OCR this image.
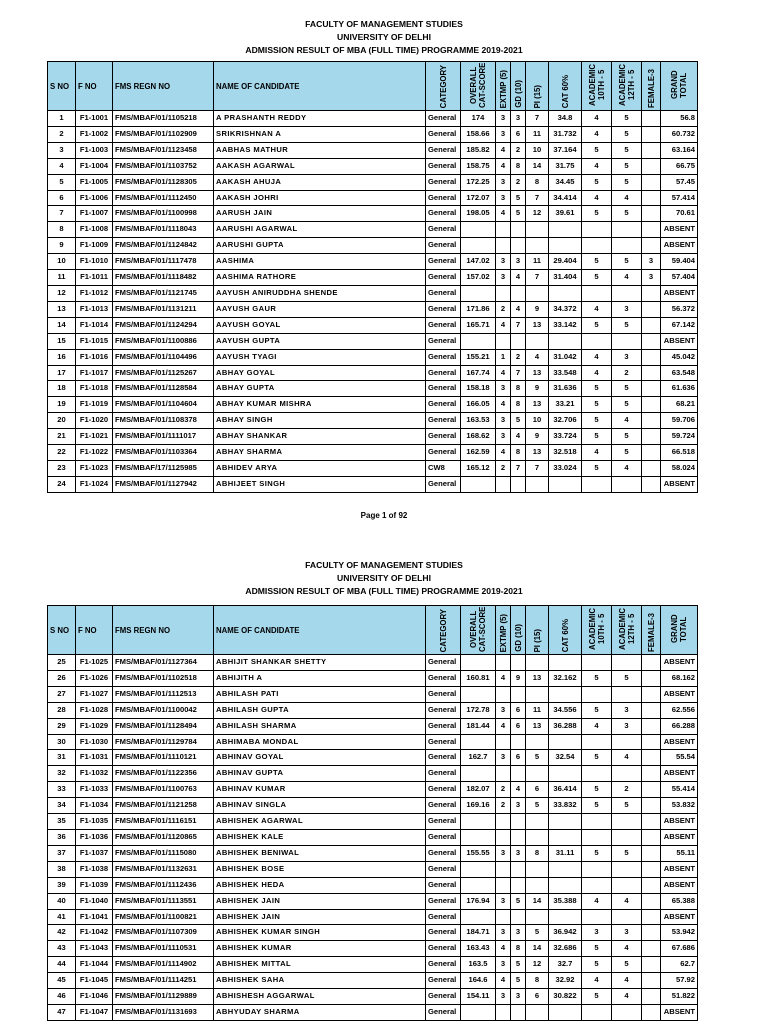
FACULTY OF MANAGEMENT STUDIES
UNIVERSITY OF DELHI
ADMISSION RESULT OF MBA (FULL TIME) PROGRAMME 2019-2021
S NO	F NO	FMS REGN NO	NAME OF CANDIDATE	CATEGORY	OVERALL CAT-SCORE	EXTMP (5)	GD (10)	PI (15)	CAT 60%	ACADEMIC 10TH - 5	ACADEMIC 12TH - 5	FEMALE-3	GRAND TOTAL

1	F1-1001	FMS/MBAF/01/1105218	A PRASHANTH REDDY	General	174	3	3	7	34.8	4	5		56.8
2	F1-1002	FMS/MBAF/01/1102909	SRIKRISHNAN A	General	158.66	3	6	11	31.732	4	5		60.732
3	F1-1003	FMS/MBAF/01/1123458	AABHAS MATHUR	General	185.82	4	2	10	37.164	5	5		63.164
4	F1-1004	FMS/MBAF/01/1103752	AAKASH AGARWAL	General	158.75	4	8	14	31.75	4	5		66.75
5	F1-1005	FMS/MBAF/01/1128305	AAKASH AHUJA	General	172.25	3	2	8	34.45	5	5		57.45
6	F1-1006	FMS/MBAF/01/1112450	AAKASH JOHRI	General	172.07	3	5	7	34.414	4	4		57.414
7	F1-1007	FMS/MBAF/01/1100998	AARUSH JAIN	General	198.05	4	5	12	39.61	5	5		70.61
8	F1-1008	FMS/MBAF/01/1118043	AARUSHI AGARWAL	General									ABSENT
9	F1-1009	FMS/MBAF/01/1124842	AARUSHI GUPTA	General									ABSENT
10	F1-1010	FMS/MBAF/01/1117478	AASHIMA	General	147.02	3	3	11	29.404	5	5	3	59.404
11	F1-1011	FMS/MBAF/01/1118482	AASHIMA RATHORE	General	157.02	3	4	7	31.404	5	4	3	57.404
12	F1-1012	FMS/MBAF/01/1121745	AAYUSH ANIRUDDHA SHENDE	General									ABSENT
13	F1-1013	FMS/MBAF/01/1131211	AAYUSH GAUR	General	171.86	2	4	9	34.372	4	3		56.372
14	F1-1014	FMS/MBAF/01/1124294	AAYUSH GOYAL	General	165.71	4	7	13	33.142	5	5		67.142
15	F1-1015	FMS/MBAF/01/1100886	AAYUSH GUPTA	General									ABSENT
16	F1-1016	FMS/MBAF/01/1104496	AAYUSH TYAGI	General	155.21	1	2	4	31.042	4	3		45.042
17	F1-1017	FMS/MBAF/01/1125267	ABHAY GOYAL	General	167.74	4	7	13	33.548	4	2		63.548
18	F1-1018	FMS/MBAF/01/1128584	ABHAY GUPTA	General	158.18	3	8	9	31.636	5	5		61.636
19	F1-1019	FMS/MBAF/01/1104604	ABHAY KUMAR MISHRA	General	166.05	4	8	13	33.21	5	5		68.21
20	F1-1020	FMS/MBAF/01/1108378	ABHAY SINGH	General	163.53	3	5	10	32.706	5	4		59.706
21	F1-1021	FMS/MBAF/01/1111017	ABHAY SHANKAR	General	168.62	3	4	9	33.724	5	5		59.724
22	F1-1022	FMS/MBAF/01/1103364	ABHAY SHARMA	General	162.59	4	8	13	32.518	4	5		66.518
23	F1-1023	FMS/MBAF/17/1125985	ABHIDEV ARYA	CW8	165.12	2	7	7	33.024	5	4		58.024
24	F1-1024	FMS/MBAF/01/1127942	ABHIJEET SINGH	General									ABSENT
Page 1 of 92
FACULTY OF MANAGEMENT STUDIES
UNIVERSITY OF DELHI
ADMISSION RESULT OF MBA (FULL TIME) PROGRAMME 2019-2021
S NO	F NO	FMS REGN NO	NAME OF CANDIDATE	CATEGORY	OVERALL CAT-SCORE	EXTMP (5)	GD (10)	PI (15)	CAT 60%	ACADEMIC 10TH - 5	ACADEMIC 12TH - 5	FEMALE-3	GRAND TOTAL

25	F1-1025	FMS/MBAF/01/1127364	ABHIJIT SHANKAR SHETTY	General									ABSENT
26	F1-1026	FMS/MBAF/01/1102518	ABHIJITH A	General	160.81	4	9	13	32.162	5	5		68.162
27	F1-1027	FMS/MBAF/01/1112513	ABHILASH PATI	General									ABSENT
28	F1-1028	FMS/MBAF/01/1100042	ABHILASH GUPTA	General	172.78	3	6	11	34.556	5	3		62.556
29	F1-1029	FMS/MBAF/01/1128494	ABHILASH SHARMA	General	181.44	4	6	13	36.288	4	3		66.288
30	F1-1030	FMS/MBAF/01/1129784	ABHIMABA MONDAL	General									ABSENT
31	F1-1031	FMS/MBAF/01/1110121	ABHINAV GOYAL	General	162.7	3	6	5	32.54	5	4		55.54
32	F1-1032	FMS/MBAF/01/1122356	ABHINAV GUPTA	General									ABSENT
33	F1-1033	FMS/MBAF/01/1100763	ABHINAV KUMAR	General	182.07	2	4	6	36.414	5	2		55.414
34	F1-1034	FMS/MBAF/01/1121258	ABHINAV SINGLA	General	169.16	2	3	5	33.832	5	5		53.832
35	F1-1035	FMS/MBAF/01/1116151	ABHISHEK AGARWAL	General									ABSENT
36	F1-1036	FMS/MBAF/01/1120865	ABHISHEK KALE	General									ABSENT
37	F1-1037	FMS/MBAF/01/1115080	ABHISHEK BENIWAL	General	155.55	3	3	8	31.11	5	5		55.11
38	F1-1038	FMS/MBAF/01/1132631	ABHISHEK BOSE	General									ABSENT
39	F1-1039	FMS/MBAF/01/1112436	ABHISHEK HEDA	General									ABSENT
40	F1-1040	FMS/MBAF/01/1113551	ABHISHEK JAIN	General	176.94	3	5	14	35.388	4	4		65.388
41	F1-1041	FMS/MBAF/01/1100821	ABHISHEK JAIN	General									ABSENT
42	F1-1042	FMS/MBAF/01/1107309	ABHISHEK KUMAR SINGH	General	184.71	3	3	5	36.942	3	3		53.942
43	F1-1043	FMS/MBAF/01/1110531	ABHISHEK KUMAR	General	163.43	4	8	14	32.686	5	4		67.686
44	F1-1044	FMS/MBAF/01/1114902	ABHISHEK MITTAL	General	163.5	3	5	12	32.7	5	5		62.7
45	F1-1045	FMS/MBAF/01/1114251	ABHISHEK SAHA	General	164.6	4	5	8	32.92	4	4		57.92
46	F1-1046	FMS/MBAF/01/1129889	ABHISHESH AGGARWAL	General	154.11	3	3	6	30.822	5	4		51.822
47	F1-1047	FMS/MBAF/01/1131693	ABHYUDAY SHARMA	General									ABSENT
